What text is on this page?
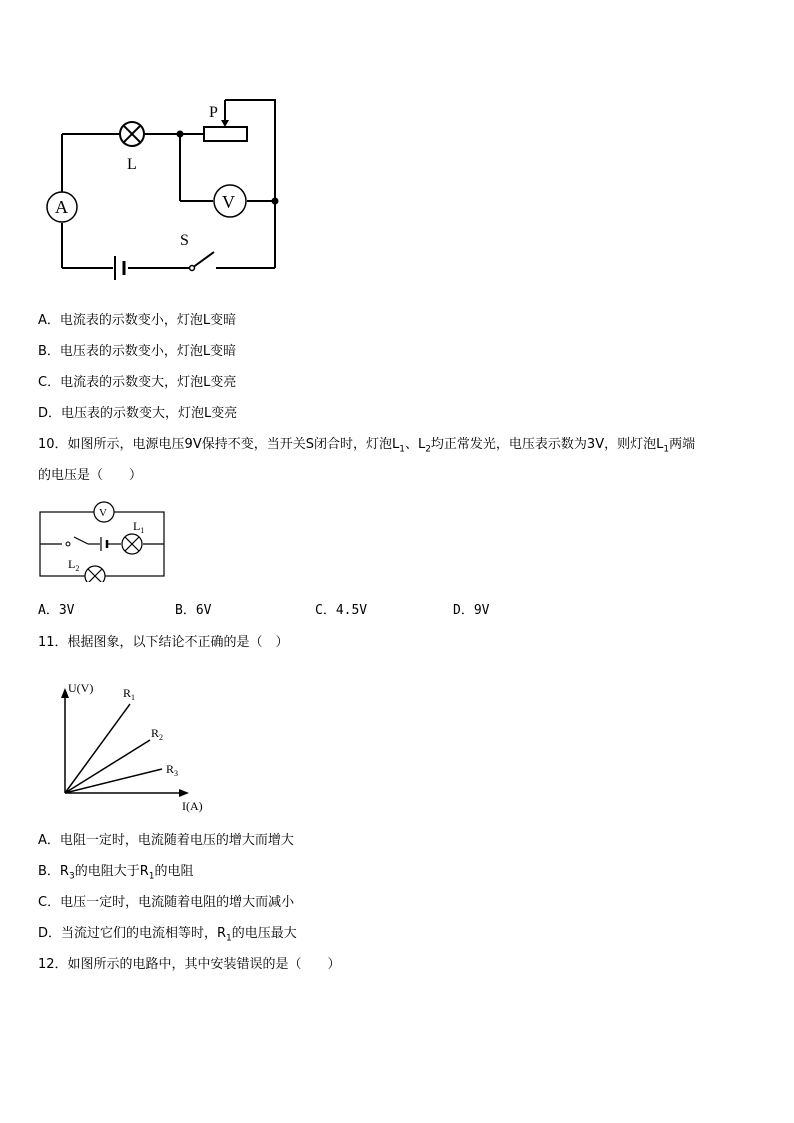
L
P
A	V
S
A．电流表的示数变小，灯泡L变暗
B．电压表的示数变小，灯泡L变暗
C．电流表的示数变大，灯泡L变亮
D．电压表的示数变大，灯泡L变亮
10．如图所示，电源电压9V保持不变，当开关S闭合时，灯泡$L_1$、$L_2$均正常发光，电压表示数为3V，则灯泡$L_1$两端
的电压是（　　）
V
$L_1$
$L_2$
A．3V	B．6V	C．4.5V	D．9V
11．根据图象，以下结论不正确的是（　）
U(V)
I(A)
$R_1$
$R_2$
$R_3$
A．电阻一定时，电流随着电压的增大而增大
B．$R_3$的电阻大于$R_1$的电阻
C．电压一定时，电流随着电阻的增大而减小
D．当流过它们的电流相等时，$R_1$的电压最大
12．如图所示的电路中，其中安装错误的是（　　）
